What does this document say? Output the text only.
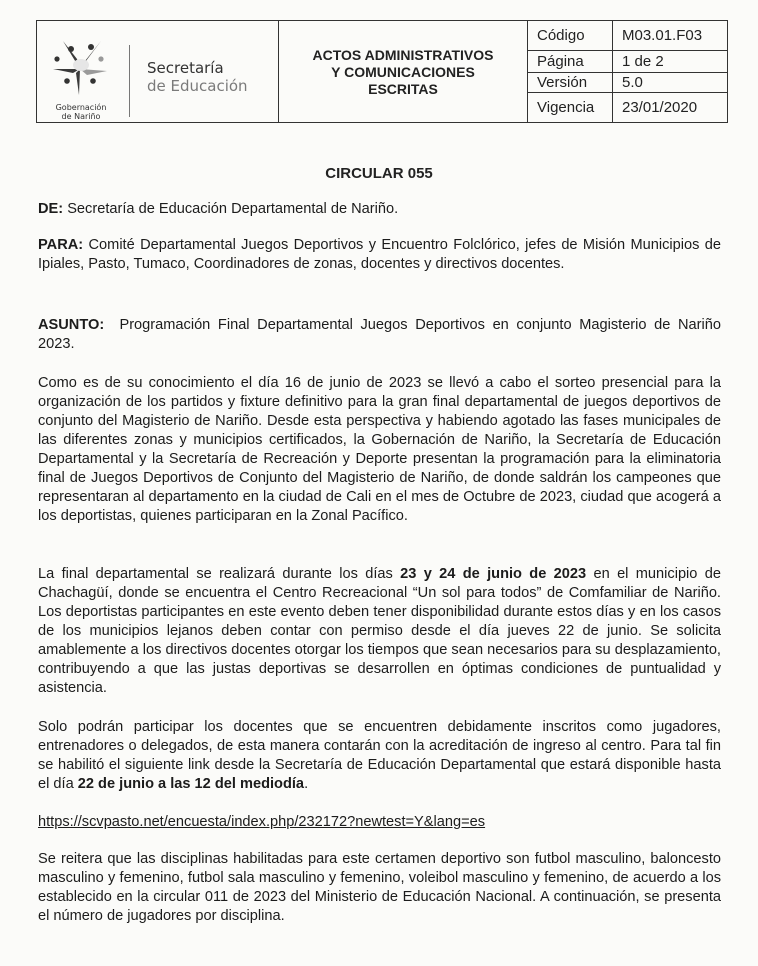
Gobernación
de Nariño
Secretaría
de Educación
ACTOS ADMINISTRATIVOS
Y COMUNICACIONES
ESCRITAS
Código	M03.01.F03
Página	1 de 2
Versión	5.0
Vigencia	23/01/2020
CIRCULAR 055
DE: Secretaría de Educación Departamental de Nariño.
PARA: Comité Departamental Juegos Deportivos y Encuentro Folclórico, jefes de Misión Municipios de Ipiales, Pasto, Tumaco, Coordinadores de zonas, docentes y directivos docentes.
ASUNTO:  Programación Final Departamental Juegos Deportivos en conjunto Magisterio de Nariño 2023.
Como es de su conocimiento el día 16 de junio de 2023 se llevó a cabo el sorteo presencial para la organización de los partidos y fixture definitivo para la gran final departamental de juegos deportivos de conjunto del Magisterio de Nariño. Desde esta perspectiva y habiendo agotado las fases municipales de las diferentes zonas y municipios certificados, la Gobernación de Nariño, la Secretaría de Educación Departamental y la Secretaría de Recreación y Deporte presentan la programación para la eliminatoria final de Juegos Deportivos de Conjunto del Magisterio de Nariño, de donde saldrán los campeones que representaran al departamento en la ciudad de Cali en el mes de Octubre de 2023, ciudad que acogerá a los deportistas, quienes participaran en la Zonal Pacífico.
La final departamental se realizará durante los días 23 y 24 de junio de 2023 en el municipio de Chachagüí, donde se encuentra el Centro Recreacional “Un sol para todos” de Comfamiliar de Nariño. Los deportistas participantes en este evento deben tener disponibilidad durante estos días y en los casos de los municipios lejanos deben contar con permiso desde el día jueves 22 de junio. Se solicita amablemente a los directivos docentes otorgar los tiempos que sean necesarios para su desplazamiento, contribuyendo a que las justas deportivas se desarrollen en óptimas condiciones de puntualidad y asistencia.
Solo podrán participar los docentes que se encuentren debidamente inscritos como jugadores, entrenadores o delegados, de esta manera contarán con la acreditación de ingreso al centro. Para tal fin se habilitó el siguiente link desde la Secretaría de Educación Departamental que estará disponible hasta el día 22 de junio a las 12 del mediodía.
https://scvpasto.net/encuesta/index.php/232172?newtest=Y&lang=es
Se reitera que las disciplinas habilitadas para este certamen deportivo son futbol masculino, baloncesto masculino y femenino, futbol sala masculino y femenino, voleibol masculino y femenino, de acuerdo a los establecido en la circular 011 de 2023 del Ministerio de Educación Nacional. A continuación, se presenta el número de jugadores por disciplina.
